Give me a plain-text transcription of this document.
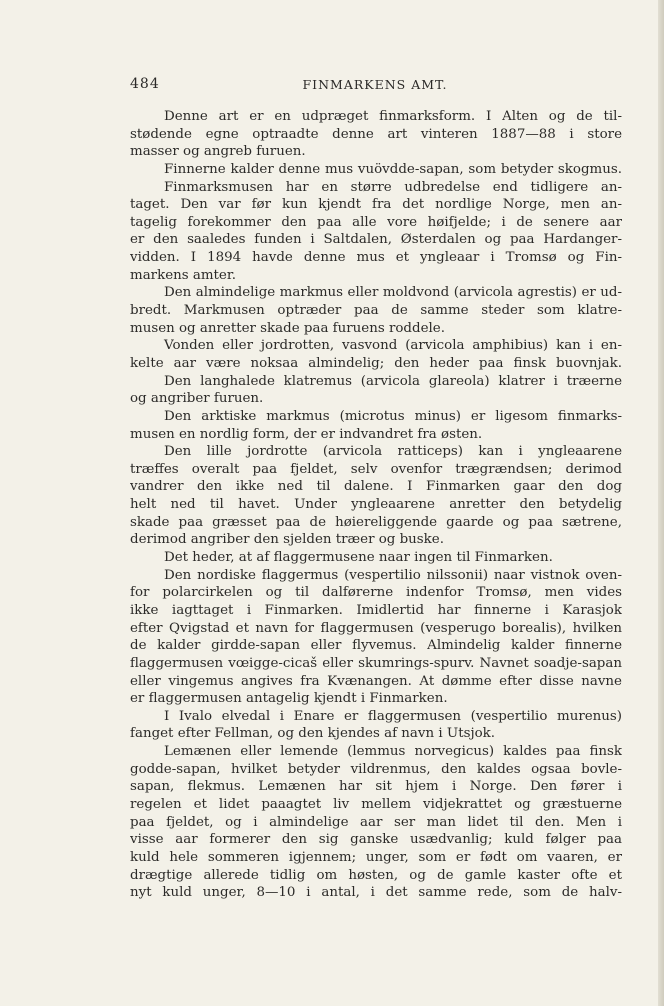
484	FINMARKENS AMT.
Denne art er en udpræget finmarksform. I Alten og de til-
stødende egne optraadte denne art vinteren 1887—88 i store
masser og angreb furuen.
Finnerne kalder denne mus vuövdde-sapan, som betyder skogmus.
Finmarksmusen har en større udbredelse end tidligere an-
taget. Den var før kun kjendt fra det nordlige Norge, men an-
tagelig forekommer den paa alle vore høifjelde; i de senere aar
er den saaledes funden i Saltdalen, Østerdalen og paa Hardanger-
vidden. I 1894 havde denne mus et yngleaar i Tromsø og Fin-
markens amter.
Den almindelige markmus eller moldvond (arvicola agrestis) er ud-
bredt. Markmusen optræder paa de samme steder som klatre-
musen og anretter skade paa furuens roddele.
Vonden eller jordrotten, vasvond (arvicola amphibius) kan i en-
kelte aar være noksaa almindelig; den heder paa finsk buovnjak.
Den langhalede klatremus (arvicola glareola) klatrer i træerne
og angriber furuen.
Den arktiske markmus (microtus minus) er ligesom finmarks-
musen en nordlig form, der er indvandret fra østen.
Den lille jordrotte (arvicola ratticeps) kan i yngleaarene
træffes overalt paa fjeldet, selv ovenfor trægrændsen; derimod
vandrer den ikke ned til dalene. I Finmarken gaar den dog
helt ned til havet. Under yngleaarene anretter den betydelig
skade paa græsset paa de høiereliggende gaarde og paa sætrene,
derimod angriber den sjelden træer og buske.
Det heder, at af flaggermusene naar ingen til Finmarken.
Den nordiske flaggermus (vespertilio nilssonii) naar vistnok oven-
for polarcirkelen og til dalførerne indenfor Tromsø, men vides
ikke iagttaget i Finmarken. Imidlertid har finnerne i Karasjok
efter Qvigstad et navn for flaggermusen (vesperugo borealis), hvilken
de kalder girdde-sapan eller flyvemus. Almindelig kalder finnerne
flaggermusen vœigge-cicaš eller skumrings-spurv. Navnet soadje-sapan
eller vingemus angives fra Kvænangen. At dømme efter disse navne
er flaggermusen antagelig kjendt i Finmarken.
I Ivalo elvedal i Enare er flaggermusen (vespertilio murenus)
fanget efter Fellman, og den kjendes af navn i Utsjok.
Lemænen eller lemende (lemmus norvegicus) kaldes paa finsk
godde-sapan, hvilket betyder vildrenmus, den kaldes ogsaa bovle-
sapan, flekmus. Lemænen har sit hjem i Norge. Den fører i
regelen et lidet paaagtet liv mellem vidjekrattet og græstuerne
paa fjeldet, og i almindelige aar ser man lidet til den. Men i
visse aar formerer den sig ganske usædvanlig; kuld følger paa
kuld hele sommeren igjennem; unger, som er født om vaaren, er
drægtige allerede tidlig om høsten, og de gamle kaster ofte et
nyt kuld unger, 8—10 i antal, i det samme rede, som de halv-
